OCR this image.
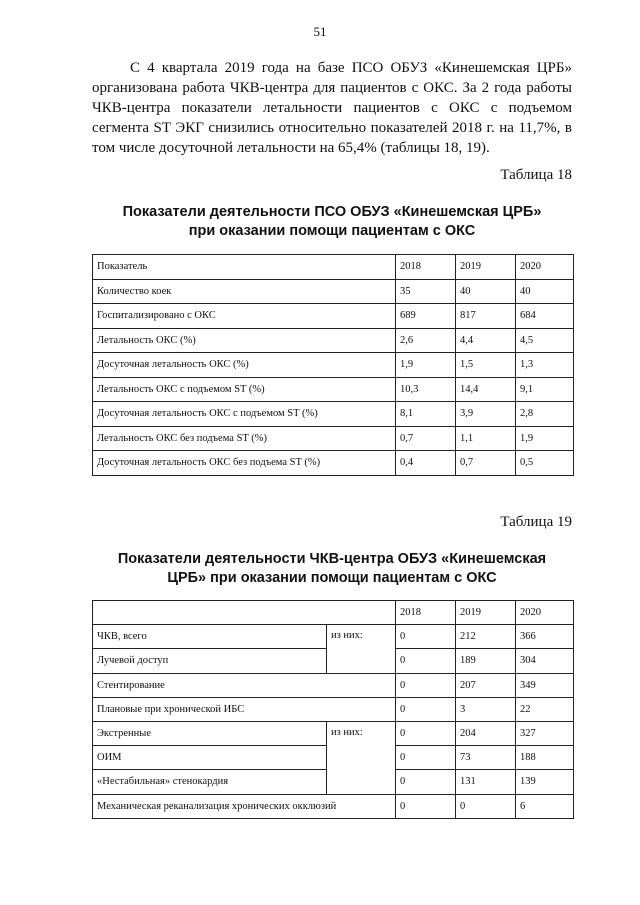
51

С 4 квартала 2019 года на базе ПСО ОБУЗ «Кинешемская ЦРБ» организована работа ЧКВ-центра для пациентов с ОКС. За 2 года работы ЧКВ-центра показатели летальности пациентов с ОКС с подъемом сегмента ST ЭКГ снизились относительно показателей 2018 г. на 11,7%, в том числе досуточной летальности на 65,4% (таблицы 18, 19).

Таблица 18

Показатели деятельности ПСО ОБУЗ «Кинешемская ЦРБ»
при оказании помощи пациентам с ОКС

Показатель	2018	2019	2020
Количество коек	35	40	40
Госпитализировано с ОКС	689	817	684
Летальность ОКС (%)	2,6	4,4	4,5
Досуточная летальность ОКС (%)	1,9	1,5	1,3
Летальность ОКС с подъемом ST (%)	10,3	14,4	9,1
Досуточная летальность ОКС с подъемом ST (%)	8,1	3,9	2,8
Летальность ОКС без подъема ST (%)	0,7	1,1	1,9
Досуточная летальность ОКС без подъема ST (%)	0,4	0,7	0,5
Таблица 19

Показатели деятельности ЧКВ-центра ОБУЗ «Кинешемская
ЦРБ» при оказании помощи пациентам с ОКС

		2018	2019	2020
ЧКВ, всего	из них:	0	212	366
Лучевой доступ		0	189	304
Стентирование		0	207	349
Плановые при хронической ИБС		0	3	22
Экстренные	из них:	0	204	327
ОИМ		0	73	188
«Нестабильная» стенокардия		0	131	139
Механическая реканализация хронических окклюзий		0	0	6
